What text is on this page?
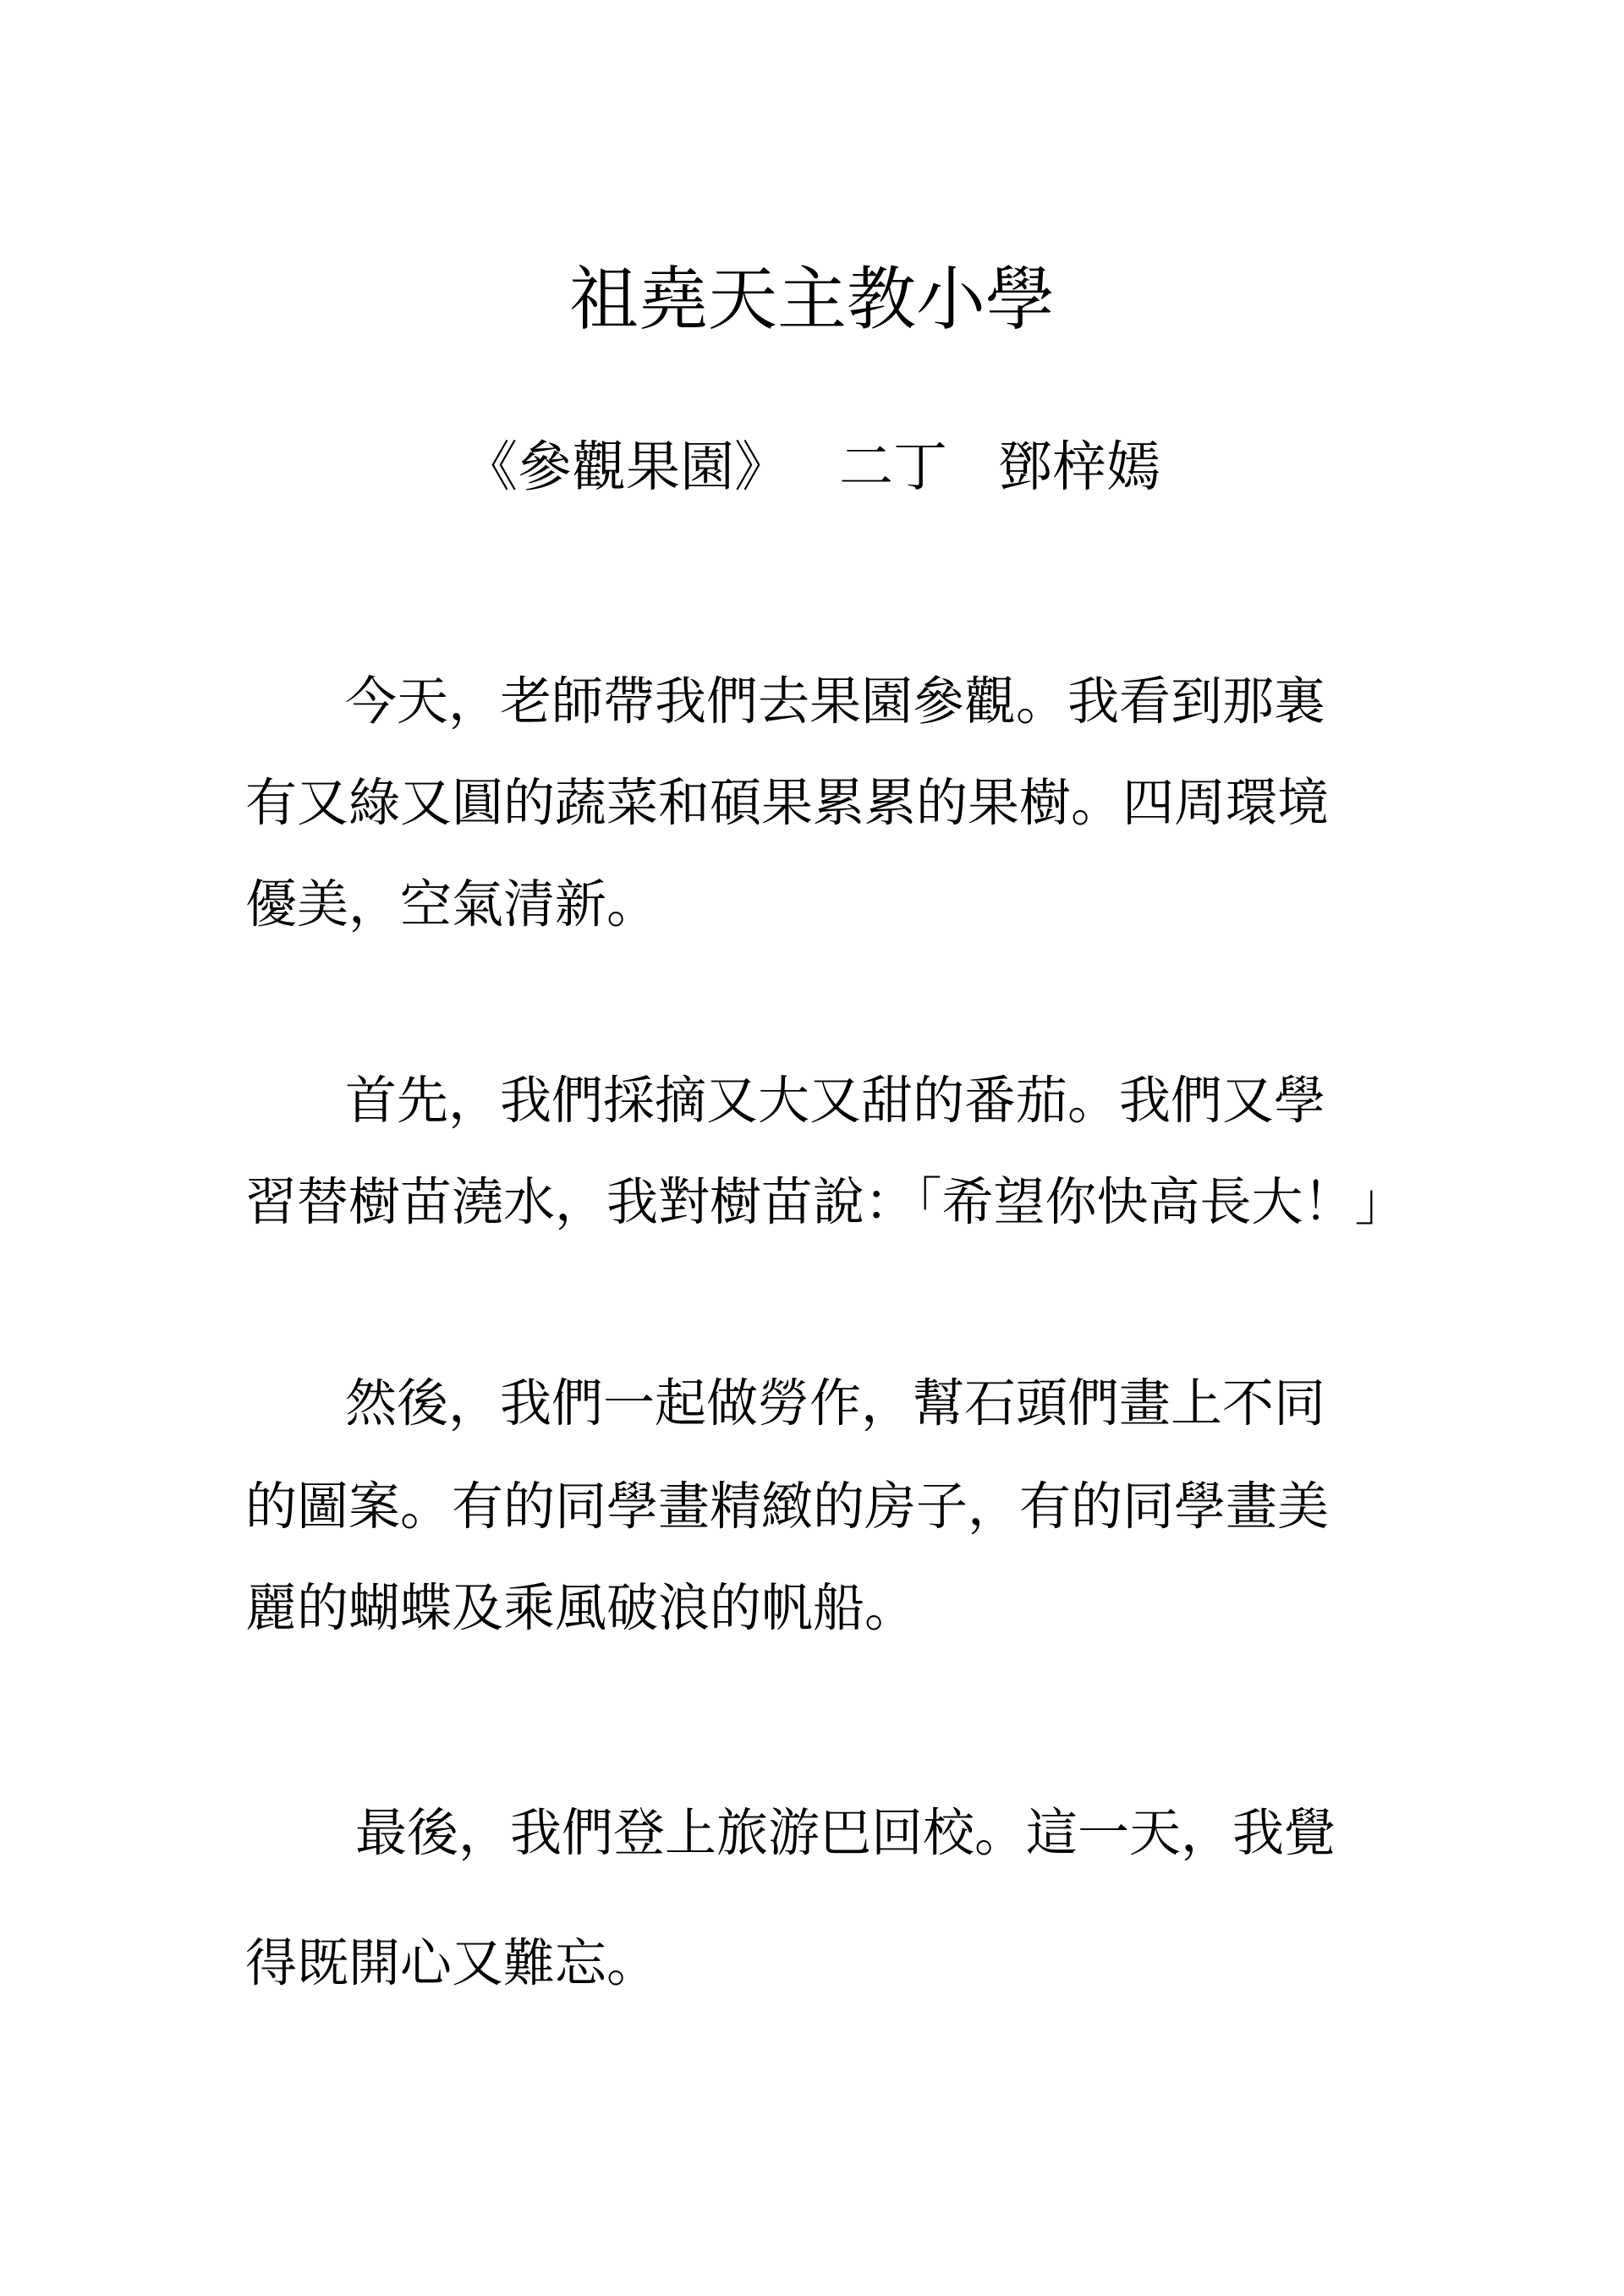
祖堯天主教小學
《參觀果園》 二丁 鄧梓嫣
今天，老師帶我們去果園參觀。我看到那裏
有又綠又圓的蔬菜和碩果累累的果樹。四周環境
優美，空氣清新。
首先，我們採摘又大又甜的番茄。我們又學
習替樹苗澆水，我對樹苗說：「希望你快高長大！」
然後，我們一起做勞作，幫石頭們畫上不同
的圖案。有的同學畫精緻的房子，有的同學畫美
麗的蝴蝶及乘風破浪的帆船。
最後，我們登上旅游巴回校。這一天，我覺
得既開心又難忘。
